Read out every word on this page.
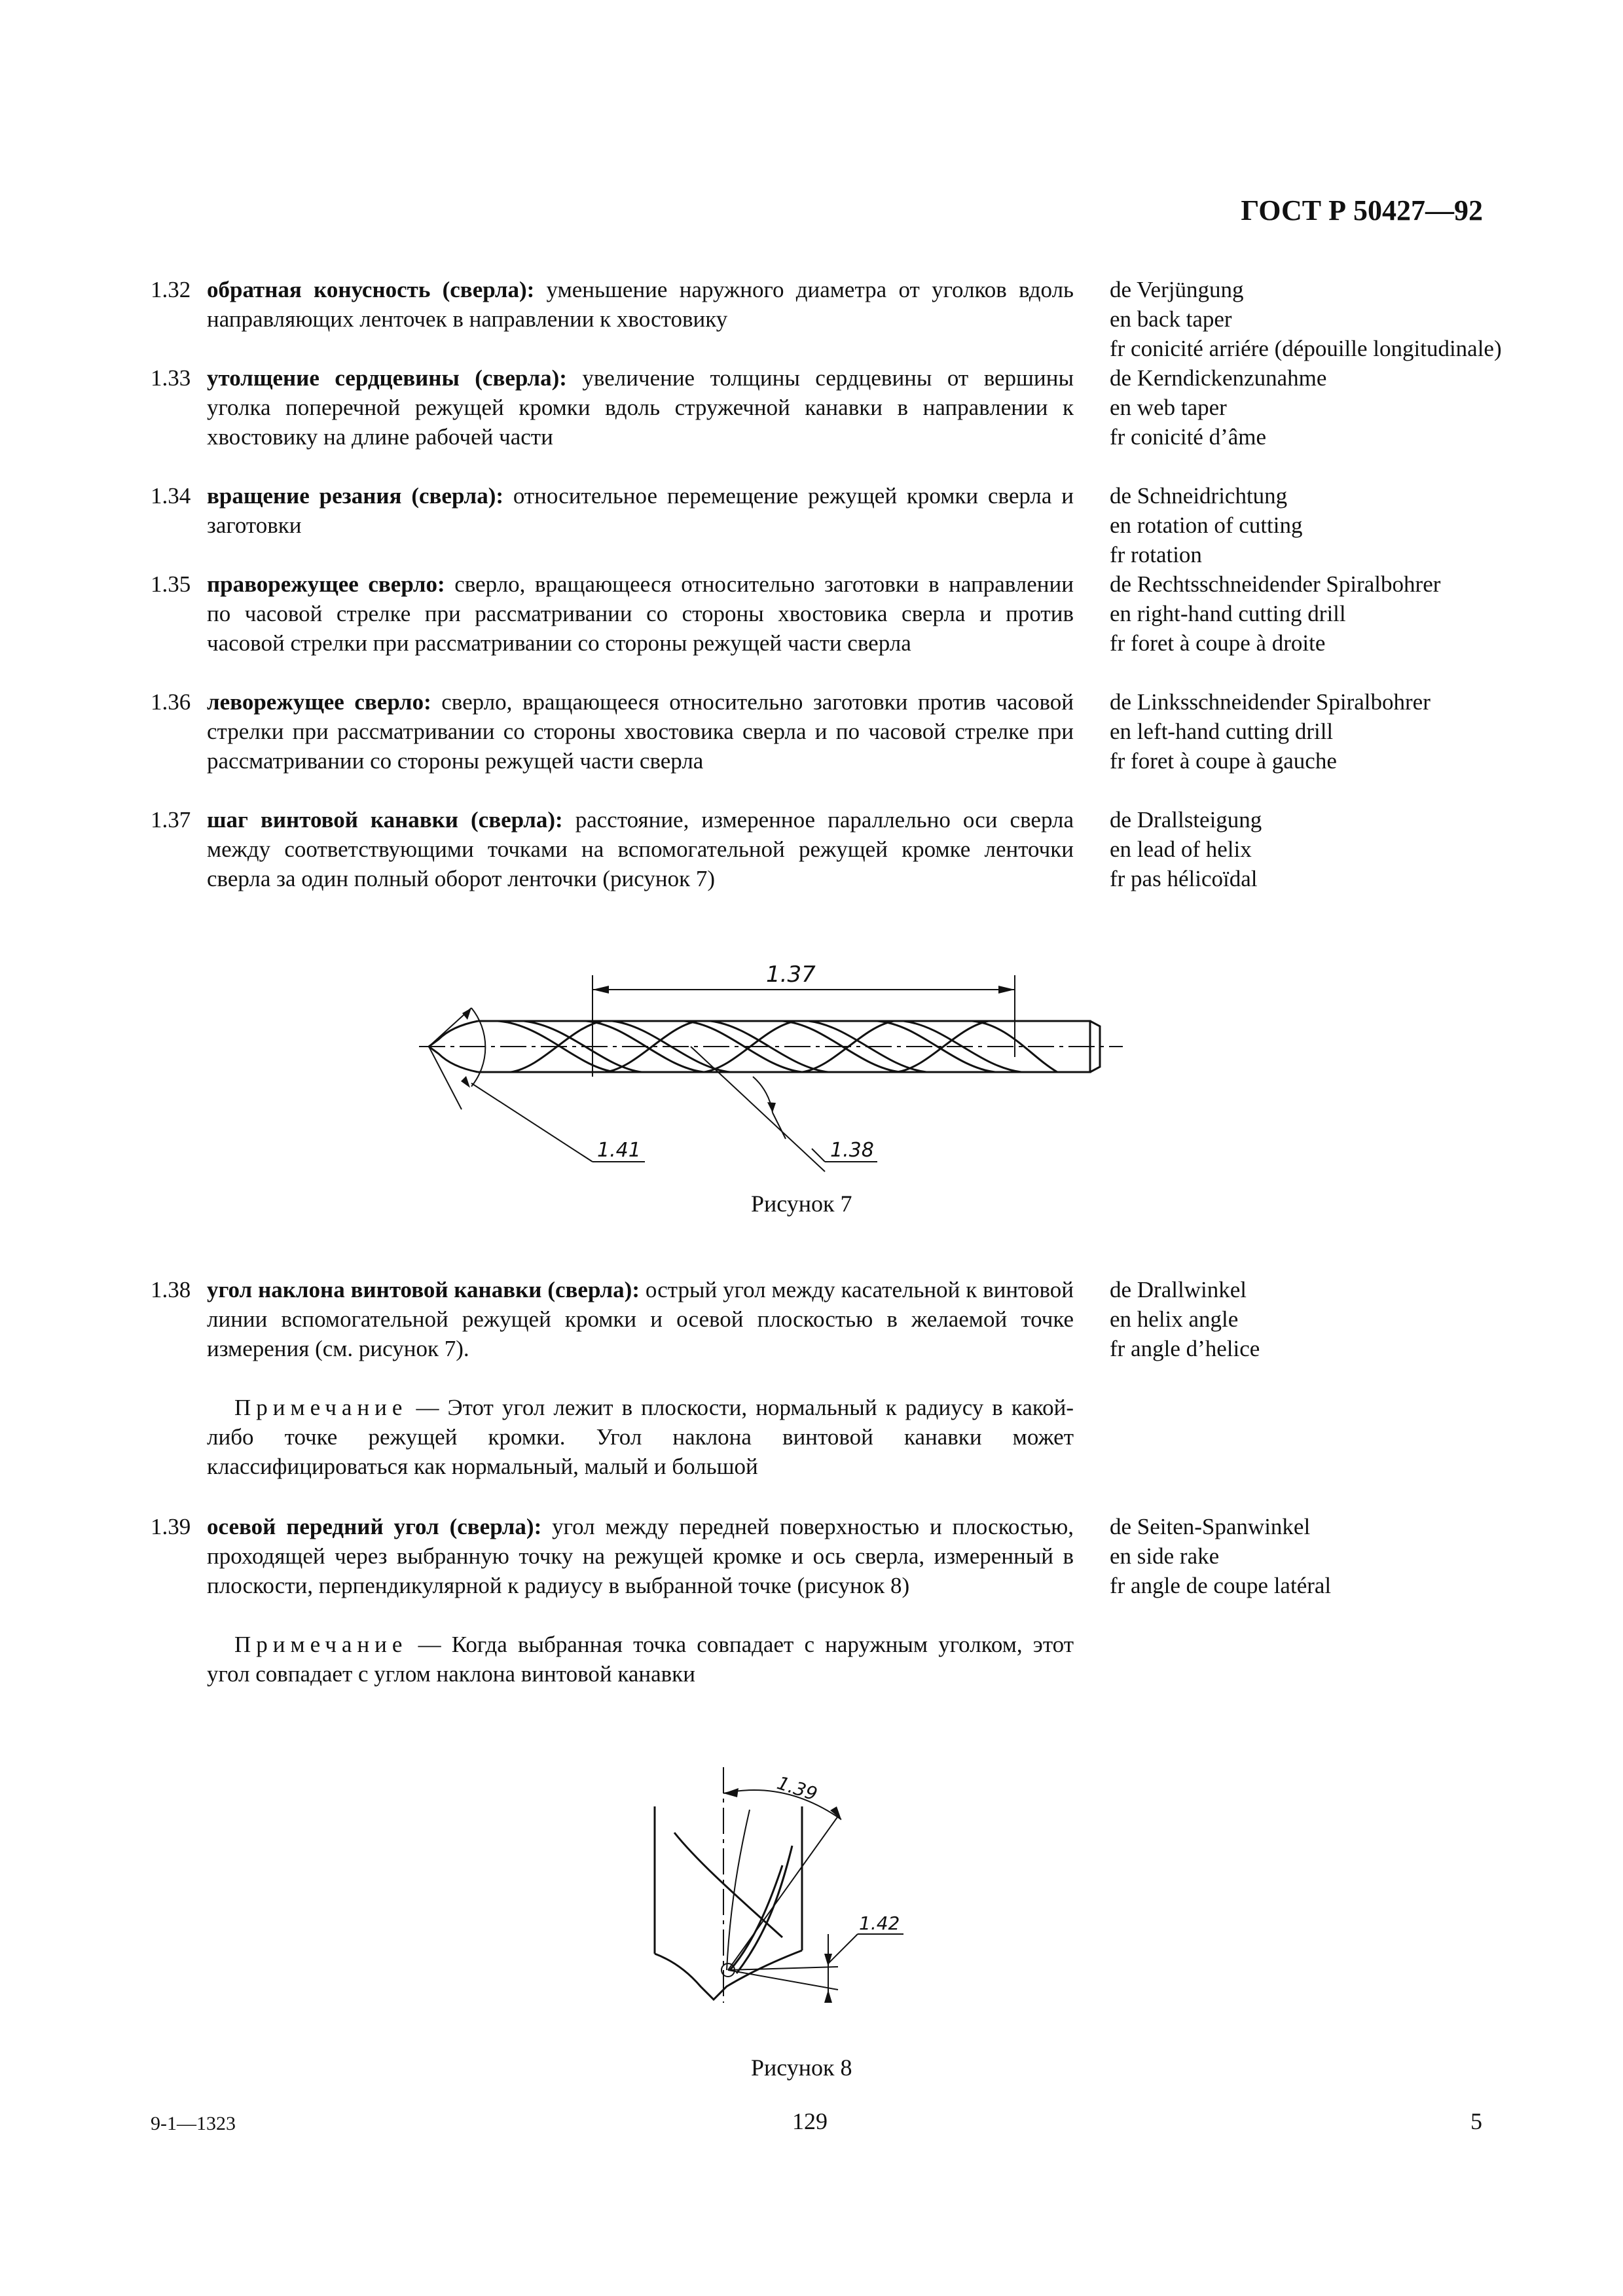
ГОСТ Р 50427—92
1.32 обратная конусность (сверла): уменьшение наружного диаметра от уголков вдоль направляющих ленточек в направлении к хвостовику
de Verjüngung
en back taper
fr conicité arriére (dépouille longitudinale)
1.33 утолщение сердцевины (сверла): увеличение толщины сердцевины от вершины уголка поперечной режущей кромки вдоль стружечной канавки в направлении к хвостовику на длине рабочей части
de Kerndickenzunahme
en web taper
fr conicité d’âme
1.34 вращение резания (сверла): относительное перемещение режущей кромки сверла и заготовки
de Schneidrichtung
en rotation of cutting
fr rotation
1.35 праворежущее сверло: сверло, вращающееся относительно заготовки в направлении по часовой стрелке при рассматривании со стороны хвостовика сверла и против часовой стрелки при рассматривании со стороны режущей части сверла
de Rechtsschneidender Spiralbohrer
en right-hand cutting drill
fr foret à coupe à droite
1.36 леворежущее сверло: сверло, вращающееся относительно заготовки против часовой стрелки при рассматривании со стороны хвостовика сверла и по часовой стрелке при рассматривании со стороны режущей части сверла
de Linksschneidender Spiralbohrer
en left-hand cutting drill
fr foret à coupe à gauche
1.37 шаг винтовой канавки (сверла): расстояние, измеренное параллельно оси сверла между соответствующими точками на вспомогательной режущей кромке ленточки сверла за один полный оборот ленточки (рисунок 7)
de Drallsteigung
en lead of helix
fr pas hélicoïdal
1.37
1.41	1.38
Рисунок 7
1.38 угол наклона винтовой канавки (сверла): острый угол между касательной к винтовой линии вспомогательной режущей кромки и осевой плоскостью в желаемой точке измерения (см. рисунок 7).
de Drallwinkel
en helix angle
fr angle d’helice
Примечание — Этот угол лежит в плоскости, нормальный к радиусу в какой-либо точке режущей кромки. Угол наклона винтовой канавки может классифицироваться как нормальный, малый и большой
1.39 осевой передний угол (сверла): угол между передней поверхностью и плоскостью, проходящей через выбранную точку на режущей кромке и ось сверла, измеренный в плоскости, перпендикулярной к радиусу в выбранной точке (рисунок 8)
de Seiten-Spanwinkel
en side rake
fr angle de coupe latéral
Примечание — Когда выбранная точка совпадает с наружным уголком, этот угол совпадает с углом наклона винтовой канавки
1.39
1.42
Рисунок 8
9-1—1323	129	5
